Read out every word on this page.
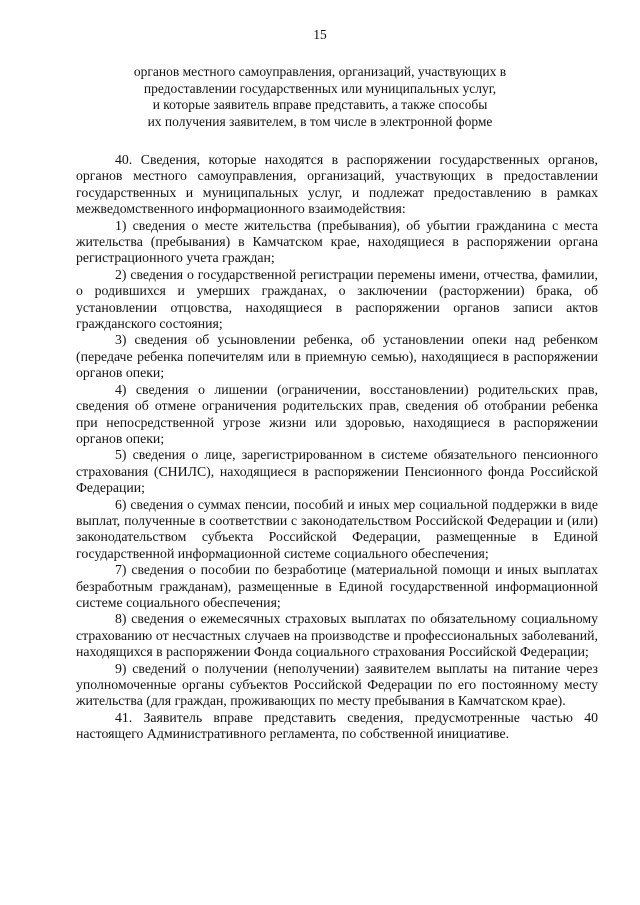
15
органов местного самоуправления, организаций, участвующих в
предоставлении государственных или муниципальных услуг,
и которые заявитель вправе представить, а также способы
их получения заявителем, в том числе в электронной форме

40. Сведения, которые находятся в распоряжении государственных органов, органов местного самоуправления, организаций, участвующих в предоставлении государственных и муниципальных услуг, и подлежат предоставлению в рамках межведомственного информационного взаимодействия:

1) сведения о месте жительства (пребывания), об убытии гражданина с места жительства (пребывания) в Камчатском крае, находящиеся в распоряжении органа регистрационного учета граждан;

2) сведения о государственной регистрации перемены имени, отчества, фамилии, о родившихся и умерших гражданах, о заключении (расторжении) брака, об установлении отцовства, находящиеся в распоряжении органов записи актов гражданского состояния;

3) сведения об усыновлении ребенка, об установлении опеки над ребенком (передаче ребенка попечителям или в приемную семью), находящиеся в распоряжении органов опеки;

4) сведения о лишении (ограничении, восстановлении) родительских прав, сведения об отмене ограничения родительских прав, сведения об отобрании ребенка при непосредственной угрозе жизни или здоровью, находящиеся в распоряжении органов опеки;

5) сведения о лице, зарегистрированном в системе обязательного пенсионного страхования (СНИЛС), находящиеся в распоряжении Пенсионного фонда Российской Федерации;

6) сведения о суммах пенсии, пособий и иных мер социальной поддержки в виде выплат, полученные в соответствии с законодательством Российской Федерации и (или) законодательством субъекта Российской Федерации, размещенные в Единой государственной информационной системе социального обеспечения;

7) сведения о пособии по безработице (материальной помощи и иных выплатах безработным гражданам), размещенные в Единой государственной информационной системе социального обеспечения;

8) сведения о ежемесячных страховых выплатах по обязательному социальному страхованию от несчастных случаев на производстве и профессиональных заболеваний, находящихся в распоряжении Фонда социального страхования Российской Федерации;

9) сведений о получении (неполучении) заявителем выплаты на питание через уполномоченные органы субъектов Российской Федерации по его постоянному месту жительства (для граждан, проживающих по месту пребывания в Камчатском крае).

41. Заявитель вправе представить сведения, предусмотренные частью 40 настоящего Административного регламента, по собственной инициативе.
